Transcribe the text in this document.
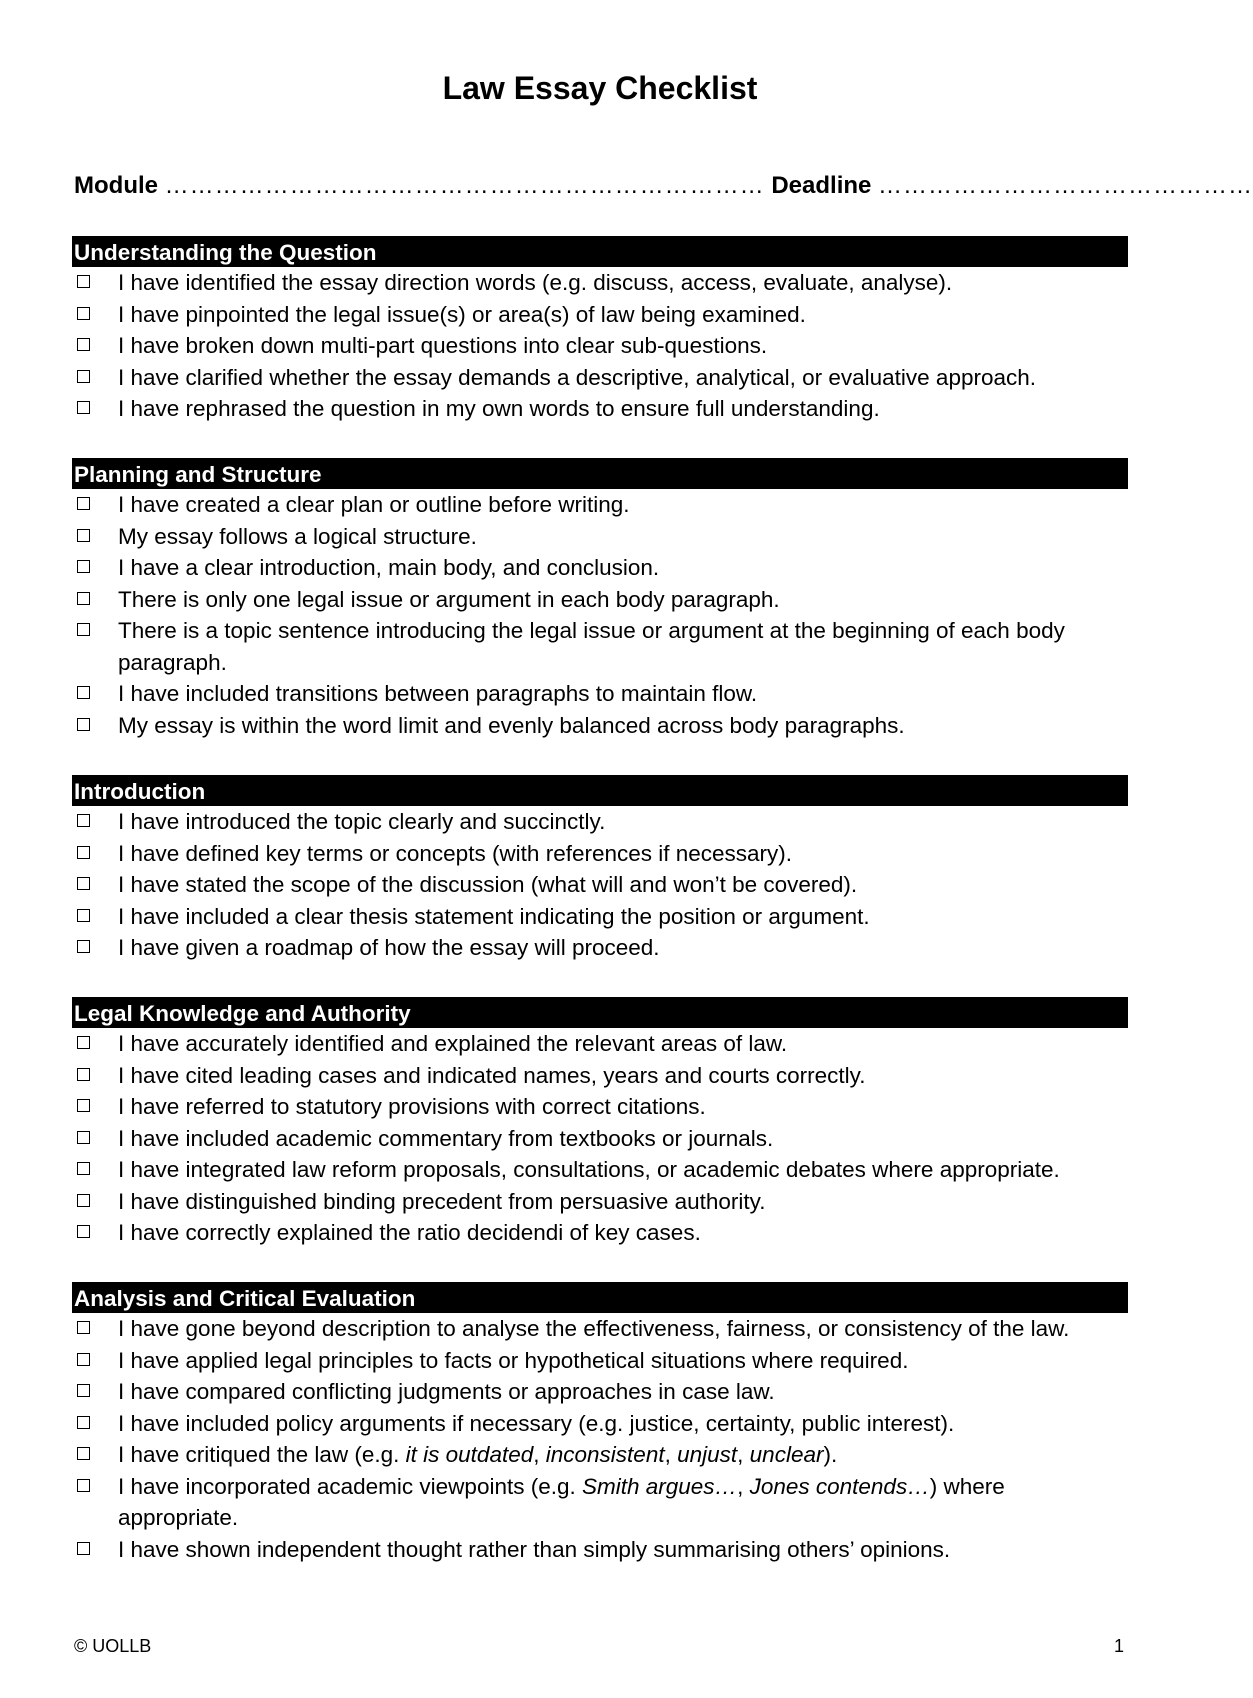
Law Essay Checklist
Module ……………………………………………………………… Deadline ………………………………………
Understanding the Question
I have identified the essay direction words (e.g. discuss, access, evaluate, analyse).
I have pinpointed the legal issue(s) or area(s) of law being examined.
I have broken down multi-part questions into clear sub-questions.
I have clarified whether the essay demands a descriptive, analytical, or evaluative approach.
I have rephrased the question in my own words to ensure full understanding.
Planning and Structure
I have created a clear plan or outline before writing.
My essay follows a logical structure.
I have a clear introduction, main body, and conclusion.
There is only one legal issue or argument in each body paragraph.
There is a topic sentence introducing the legal issue or argument at the beginning of each body paragraph.
I have included transitions between paragraphs to maintain flow.
My essay is within the word limit and evenly balanced across body paragraphs.
Introduction
I have introduced the topic clearly and succinctly.
I have defined key terms or concepts (with references if necessary).
I have stated the scope of the discussion (what will and won’t be covered).
I have included a clear thesis statement indicating the position or argument.
I have given a roadmap of how the essay will proceed.
Legal Knowledge and Authority
I have accurately identified and explained the relevant areas of law.
I have cited leading cases and indicated names, years and courts correctly.
I have referred to statutory provisions with correct citations.
I have included academic commentary from textbooks or journals.
I have integrated law reform proposals, consultations, or academic debates where appropriate.
I have distinguished binding precedent from persuasive authority.
I have correctly explained the ratio decidendi of key cases.
Analysis and Critical Evaluation
I have gone beyond description to analyse the effectiveness, fairness, or consistency of the law.
I have applied legal principles to facts or hypothetical situations where required.
I have compared conflicting judgments or approaches in case law.
I have included policy arguments if necessary (e.g. justice, certainty, public interest).
I have critiqued the law (e.g. it is outdated, inconsistent, unjust, unclear).
I have incorporated academic viewpoints (e.g. Smith argues…, Jones contends…) where appropriate.
I have shown independent thought rather than simply summarising others’ opinions.
© UOLLB	1
